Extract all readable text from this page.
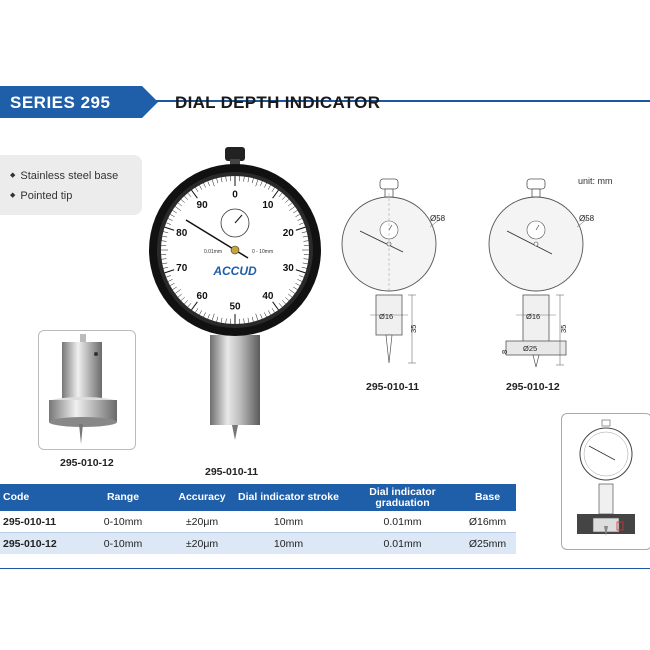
SERIES 295	DIAL DEPTH INDICATOR
◆ Stainless steel base
◆ Pointed tip
unit: mm
ACCUD
0 - 10mm
0.01mm
0
10
20
30
40
50
60
70
80
90
295-010-11
295-010-12
Ø58
Ø16
35
295-010-11
Ø58
Ø16
Ø25
8
35
295-010-12
Code	Range	Accuracy	Dial indicator stroke	Dial indicator graduation	Base
295-010-11	0-10mm	±20μm	10mm	0.01mm	Ø16mm
295-010-12	0-10mm	±20μm	10mm	0.01mm	Ø25mm
